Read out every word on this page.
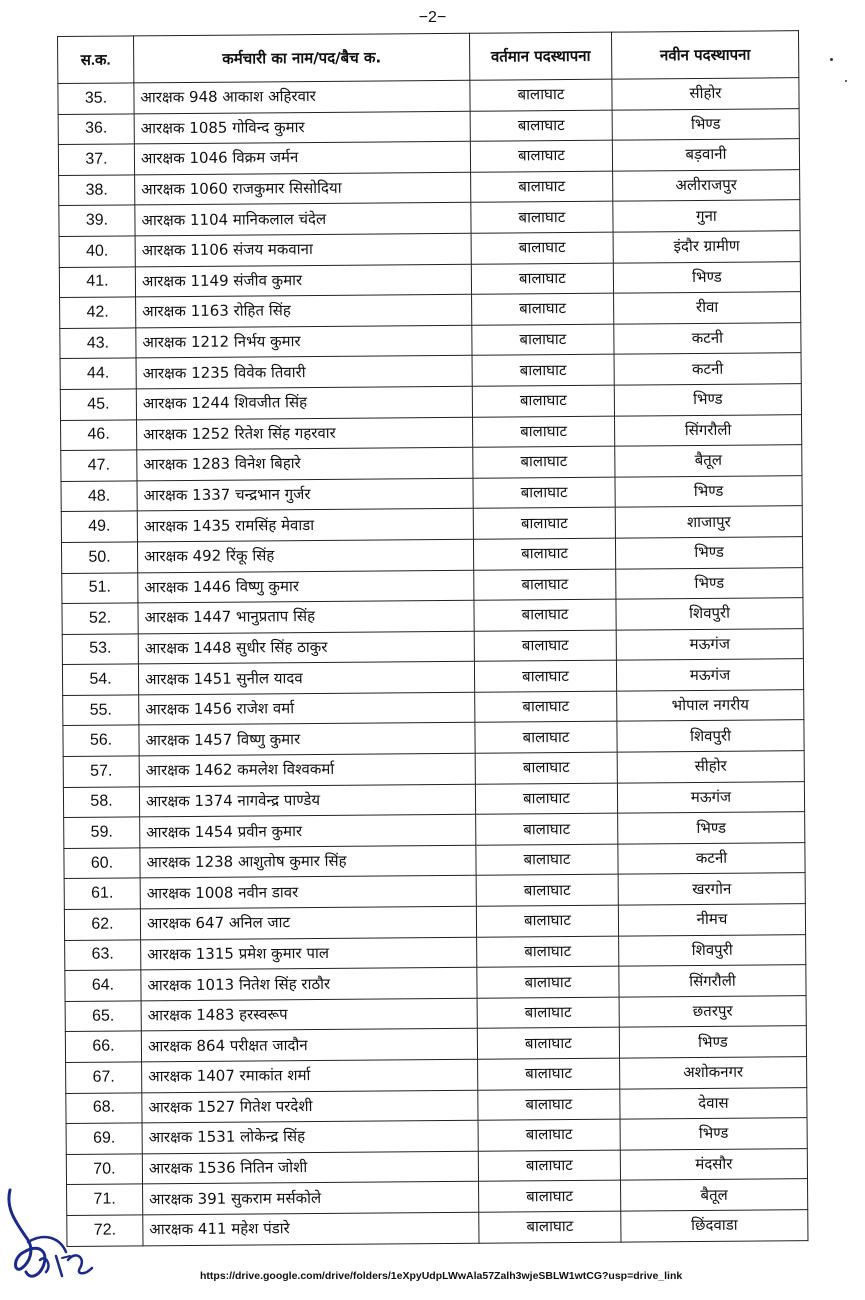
−2−
स.क.	कर्मचारी का नाम/पद/बैच क.	वर्तमान पदस्थापना	नवीन पदस्थापना
35.	आरक्षक 948 आकाश अहिरवार	बालाघाट	सीहोर
36.	आरक्षक 1085 गोविन्द कुमार	बालाघाट	भिण्ड
37.	आरक्षक 1046 विक्रम जर्मन	बालाघाट	बड़वानी
38.	आरक्षक 1060 राजकुमार सिसोदिया	बालाघाट	अलीराजपुर
39.	आरक्षक 1104 मानिकलाल चंदेल	बालाघाट	गुना
40.	आरक्षक 1106 संजय मकवाना	बालाघाट	इंदौर ग्रामीण
41.	आरक्षक 1149 संजीव कुमार	बालाघाट	भिण्ड
42.	आरक्षक 1163 रोहित सिंह	बालाघाट	रीवा
43.	आरक्षक 1212 निर्भय कुमार	बालाघाट	कटनी
44.	आरक्षक 1235 विवेक तिवारी	बालाघाट	कटनी
45.	आरक्षक 1244 शिवजीत सिंह	बालाघाट	भिण्ड
46.	आरक्षक 1252 रितेश सिंह गहरवार	बालाघाट	सिंगरौली
47.	आरक्षक 1283 विनेश बिहारे	बालाघाट	बैतूल
48.	आरक्षक 1337 चन्द्रभान गुर्जर	बालाघाट	भिण्ड
49.	आरक्षक 1435 रामसिंह मेवाडा	बालाघाट	शाजापुर
50.	आरक्षक 492 रिंकू सिंह	बालाघाट	भिण्ड
51.	आरक्षक 1446 विष्णु कुमार	बालाघाट	भिण्ड
52.	आरक्षक 1447 भानुप्रताप सिंह	बालाघाट	शिवपुरी
53.	आरक्षक 1448 सुधीर सिंह ठाकुर	बालाघाट	मऊगंज
54.	आरक्षक 1451 सुनील यादव	बालाघाट	मऊगंज
55.	आरक्षक 1456 राजेश वर्मा	बालाघाट	भोपाल नगरीय
56.	आरक्षक 1457 विष्णु कुमार	बालाघाट	शिवपुरी
57.	आरक्षक 1462 कमलेश विश्वकर्मा	बालाघाट	सीहोर
58.	आरक्षक 1374 नागवेन्द्र पाण्डेय	बालाघाट	मऊगंज
59.	आरक्षक 1454 प्रवीन कुमार	बालाघाट	भिण्ड
60.	आरक्षक 1238 आशुतोष कुमार सिंह	बालाघाट	कटनी
61.	आरक्षक 1008 नवीन डावर	बालाघाट	खरगोन
62.	आरक्षक 647 अनिल जाट	बालाघाट	नीमच
63.	आरक्षक 1315 प्रमेश कुमार पाल	बालाघाट	शिवपुरी
64.	आरक्षक 1013 नितेश सिंह राठौर	बालाघाट	सिंगरौली
65.	आरक्षक 1483 हरस्वरूप	बालाघाट	छतरपुर
66.	आरक्षक 864 परीक्षत जादौन	बालाघाट	भिण्ड
67.	आरक्षक 1407 रमाकांत शर्मा	बालाघाट	अशोकनगर
68.	आरक्षक 1527 गितेश परदेशी	बालाघाट	देवास
69.	आरक्षक 1531 लोकेन्द्र सिंह	बालाघाट	भिण्ड
70.	आरक्षक 1536 नितिन जोशी	बालाघाट	मंदसौर
71.	आरक्षक 391 सुकराम मर्सकोले	बालाघाट	बैतूल
72.	आरक्षक 411 महेश पंडारे	बालाघाट	छिंदवाडा
https://drive.google.com/drive/folders/1eXpyUdpLWwAla57Zalh3wjeSBLW1wtCG?usp=drive_link
